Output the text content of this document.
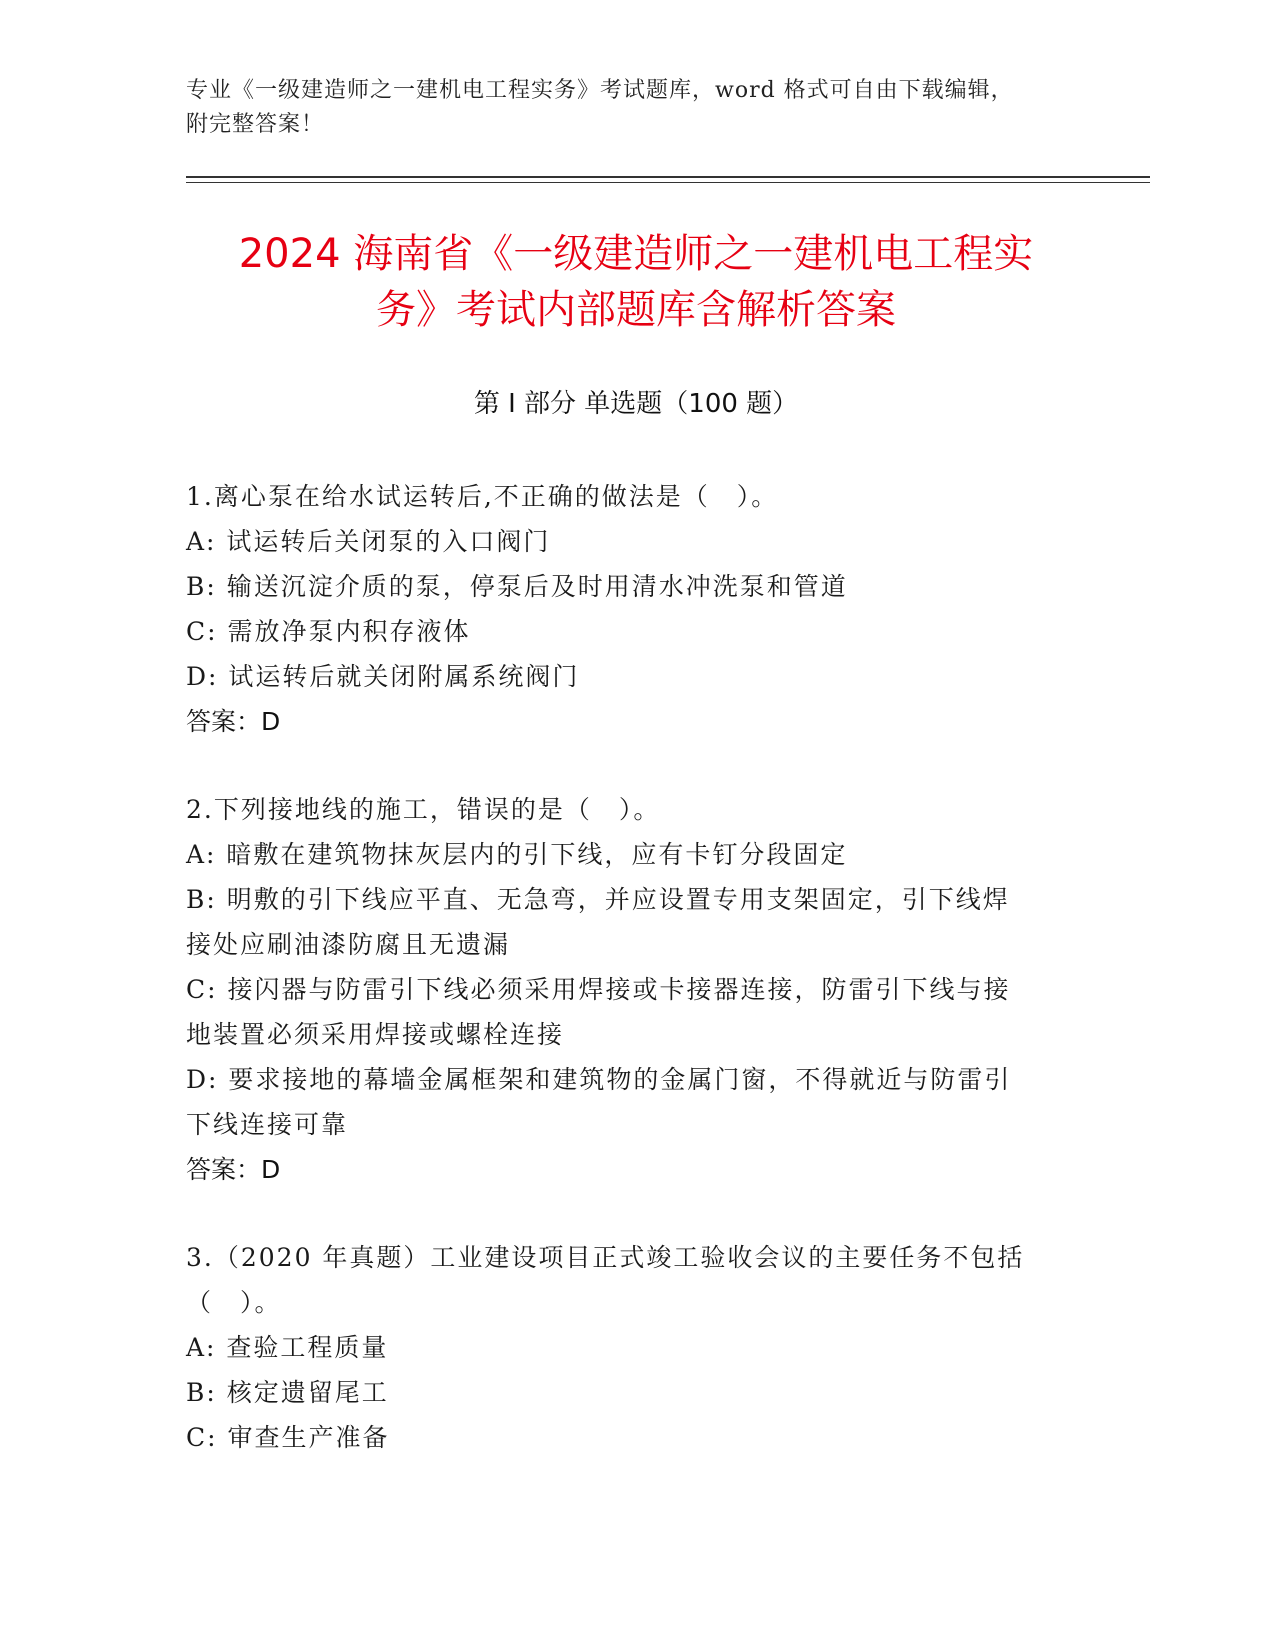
专业《一级建造师之一建机电工程实务》考试题库，word 格式可自由下载编辑，
附完整答案！
2024 海南省《一级建造师之一建机电工程实
务》考试内部题库含解析答案
第 I 部分 单选题（100 题）
1.离心泵在给水试运转后,不正确的做法是（　）。
A: 试运转后关闭泵的入口阀门
B: 输送沉淀介质的泵，停泵后及时用清水冲洗泵和管道
C: 需放净泵内积存液体
D: 试运转后就关闭附属系统阀门
答案：D
2.下列接地线的施工，错误的是（　）。
A: 暗敷在建筑物抹灰层内的引下线，应有卡钉分段固定
B: 明敷的引下线应平直、无急弯，并应设置专用支架固定，引下线焊
接处应刷油漆防腐且无遗漏
C: 接闪器与防雷引下线必须采用焊接或卡接器连接，防雷引下线与接
地装置必须采用焊接或螺栓连接
D: 要求接地的幕墙金属框架和建筑物的金属门窗，不得就近与防雷引
下线连接可靠
答案：D
3.（2020 年真题）工业建设项目正式竣工验收会议的主要任务不包括
（　）。
A: 查验工程质量
B: 核定遗留尾工
C: 审查生产准备
